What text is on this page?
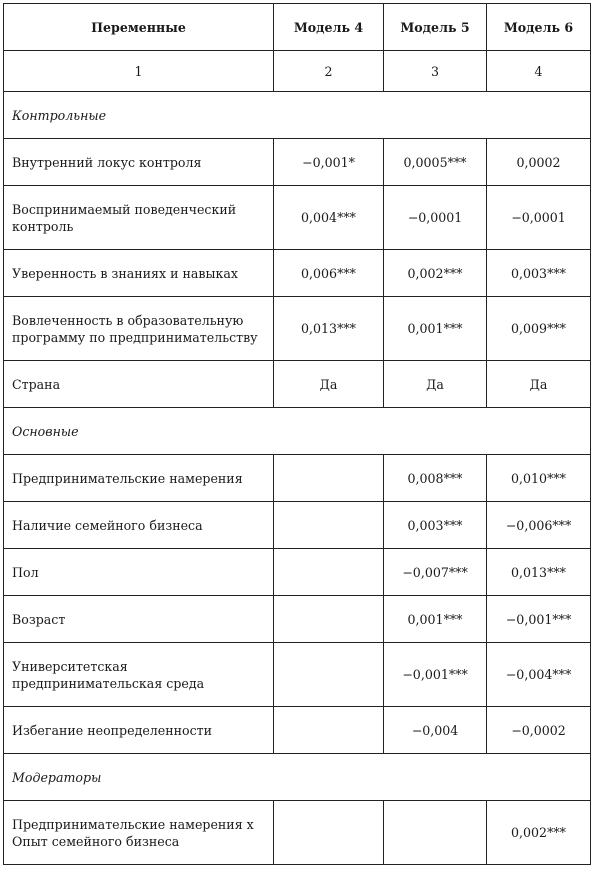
Переменные	Модель 4	Модель 5	Модель 6
1	2	3	4
Контрольные			
Внутренний локус контроля	−0,001*	0,0005***	0,0002
Воспринимаемый поведенческий контроль	0,004***	−0,0001	−0,0001
Уверенность в знаниях и навыках	0,006***	0,002***	0,003***
Вовлеченность в образовательную программу по предпринимательству	0,013***	0,001***	0,009***
Страна	Да	Да	Да
Основные			
Предпринимательские намерения		0,008***	0,010***
Наличие семейного бизнеса		0,003***	−0,006***
Пол		−0,007***	0,013***
Возраст		0,001***	−0,001***
Университетская предпринимательская среда		−0,001***	−0,004***
Избегание неопределенности		−0,004	−0,0002
Модераторы			
Предпринимательские намерения x Опыт семейного бизнеса			0,002***
